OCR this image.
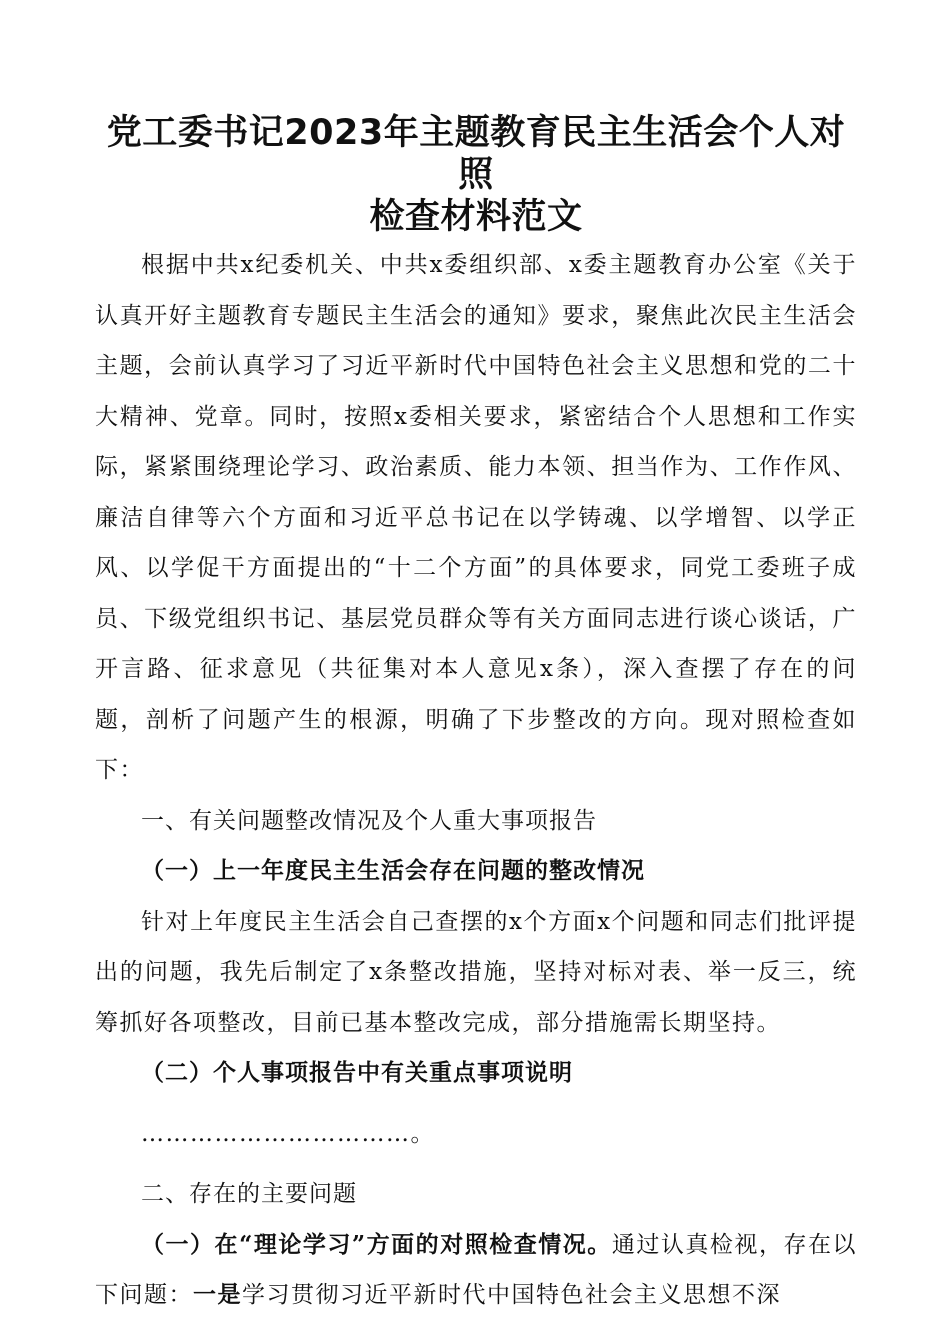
党工委书记2023年主题教育民主生活会个人对照
检查材料范文

根据中共x纪委机关、中共x委组织部、x委主题教育办公室《关于认真开好主题教育专题民主生活会的通知》要求，聚焦此次民主生活会主题，会前认真学习了习近平新时代中国特色社会主义思想和党的二十大精神、党章。同时，按照x委相关要求，紧密结合个人思想和工作实际，紧紧围绕理论学习、政治素质、能力本领、担当作为、工作作风、廉洁自律等六个方面和习近平总书记在以学铸魂、以学增智、以学正风、以学促干方面提出的“十二个方面”的具体要求，同党工委班子成员、下级党组织书记、基层党员群众等有关方面同志进行谈心谈话，广开言路、征求意见（共征集对本人意见x条），深入查摆了存在的问题，剖析了问题产生的根源，明确了下步整改的方向。现对照检查如下：

一、有关问题整改情况及个人重大事项报告

（一）上一年度民主生活会存在问题的整改情况

针对上年度民主生活会自己查摆的x个方面x个问题和同志们批评提出的问题，我先后制定了x条整改措施，坚持对标对表、举一反三，统筹抓好各项整改，目前已基本整改完成，部分措施需长期坚持。

（二）个人事项报告中有关重点事项说明

……………………………。

二、存在的主要问题

（一）在“理论学习”方面的对照检查情况。通过认真检视，存在以下问题：一是学习贯彻习近平新时代中国特色社会主义思想不深
